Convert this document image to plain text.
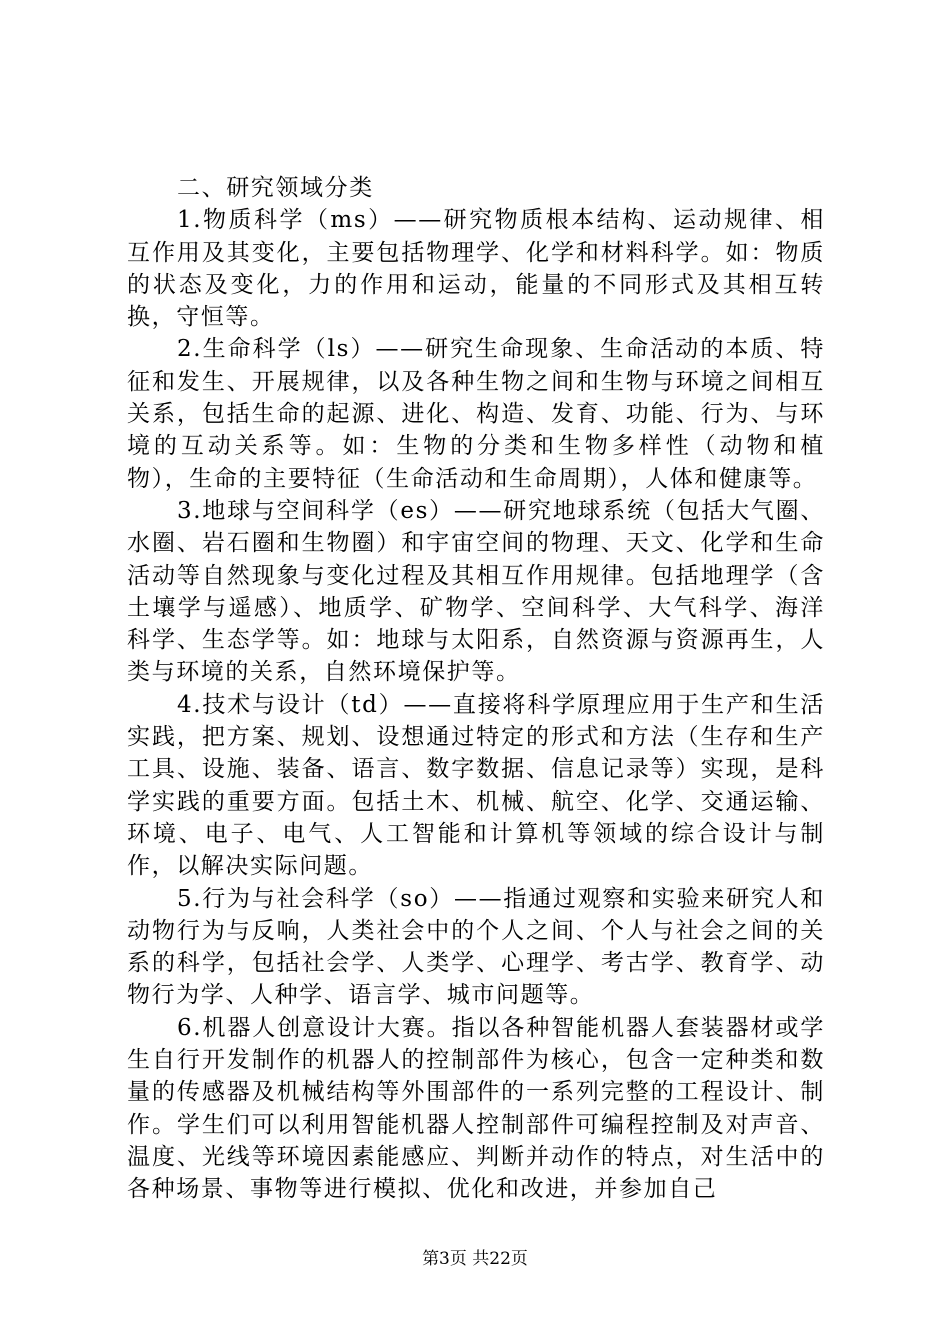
二、研究领域分类

1.物质科学（ms）——研究物质根本结构、运动规律、相互作用及其变化，主要包括物理学、化学和材料科学。如：物质的状态及变化，力的作用和运动，能量的不同形式及其相互转换，守恒等。

2.生命科学（ls）——研究生命现象、生命活动的本质、特征和发生、开展规律，以及各种生物之间和生物与环境之间相互关系，包括生命的起源、进化、构造、发育、功能、行为、与环境的互动关系等。如：生物的分类和生物多样性（动物和植物），生命的主要特征（生命活动和生命周期），人体和健康等。

3.地球与空间科学（es）——研究地球系统（包括大气圈、水圈、岩石圈和生物圈）和宇宙空间的物理、天文、化学和生命活动等自然现象与变化过程及其相互作用规律。包括地理学（含土壤学与遥感）、地质学、矿物学、空间科学、大气科学、海洋科学、生态学等。如：地球与太阳系，自然资源与资源再生，人类与环境的关系，自然环境保护等。

4.技术与设计（td）——直接将科学原理应用于生产和生活实践，把方案、规划、设想通过特定的形式和方法（生存和生产工具、设施、装备、语言、数字数据、信息记录等）实现，是科学实践的重要方面。包括土木、机械、航空、化学、交通运输、环境、电子、电气、人工智能和计算机等领域的综合设计与制作，以解决实际问题。

5.行为与社会科学（so）——指通过观察和实验来研究人和动物行为与反响，人类社会中的个人之间、个人与社会之间的关系的科学，包括社会学、人类学、心理学、考古学、教育学、动物行为学、人种学、语言学、城市问题等。

6.机器人创意设计大赛。指以各种智能机器人套装器材或学生自行开发制作的机器人的控制部件为核心，包含一定种类和数量的传感器及机械结构等外围部件的一系列完整的工程设计、制作。学生们可以利用智能机器人控制部件可编程控制及对声音、温度、光线等环境因素能感应、判断并动作的特点，对生活中的各种场景、事物等进行模拟、优化和改进，并参加自己

第3页 共22页
